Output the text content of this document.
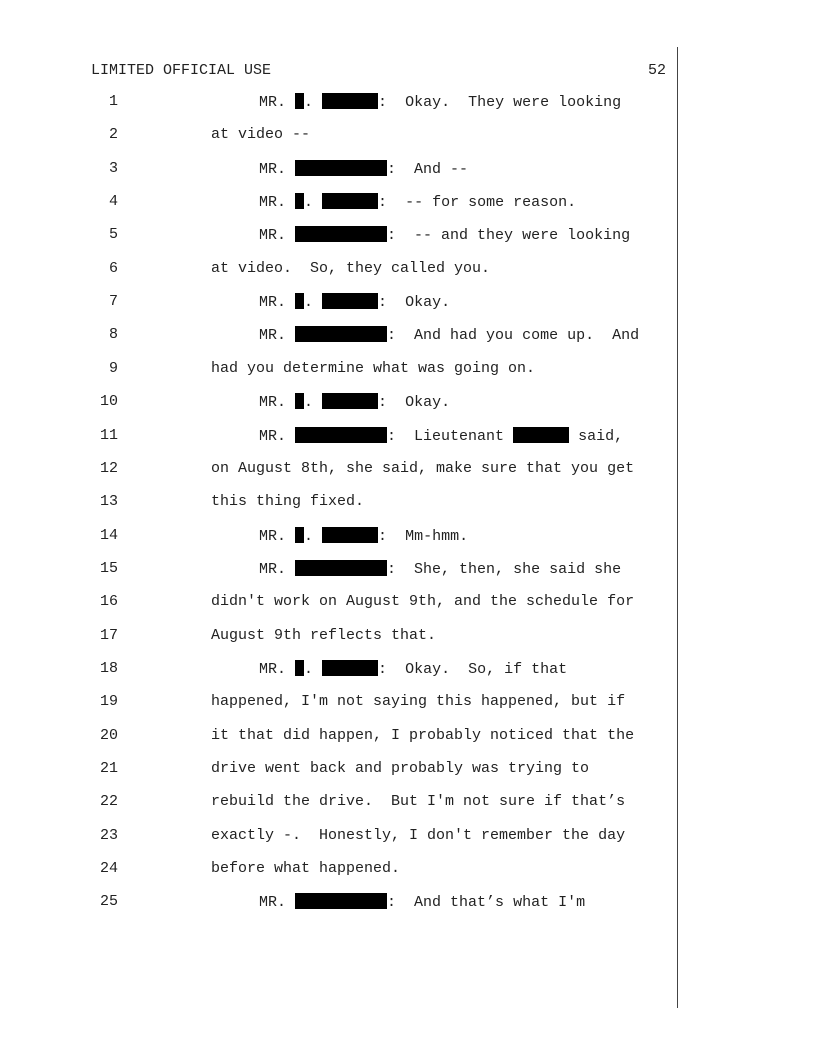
LIMITED OFFICIAL USE	52
1	MR. .	: Okay.  They were looking
2	at video --
3	MR.	: And --
4	MR. .	: -- for some reason.
5	MR.	: -- and they were looking
6	at video.  So, they called you.
7	MR. .	: Okay.
8	MR.	: And had you come up.  And
9	had you determine what was going on.
10	MR. .	: Okay.
11	MR.	: Lieutenant	said,
12	on August 8th, she said, make sure that you get
13	this thing fixed.
14	MR. .	: Mm-hmm.
15	MR.	: She, then, she said she
16	didn't work on August 9th, and the schedule for
17	August 9th reflects that.
18	MR. .	: Okay.  So, if that
19	happened, I'm not saying this happened, but if
20	it that did happen, I probably noticed that the
21	drive went back and probably was trying to
22	rebuild the drive.  But I'm not sure if that’s
23	exactly -.  Honestly, I don't remember the day
24	before what happened.
25	MR.	: And that’s what I'm
